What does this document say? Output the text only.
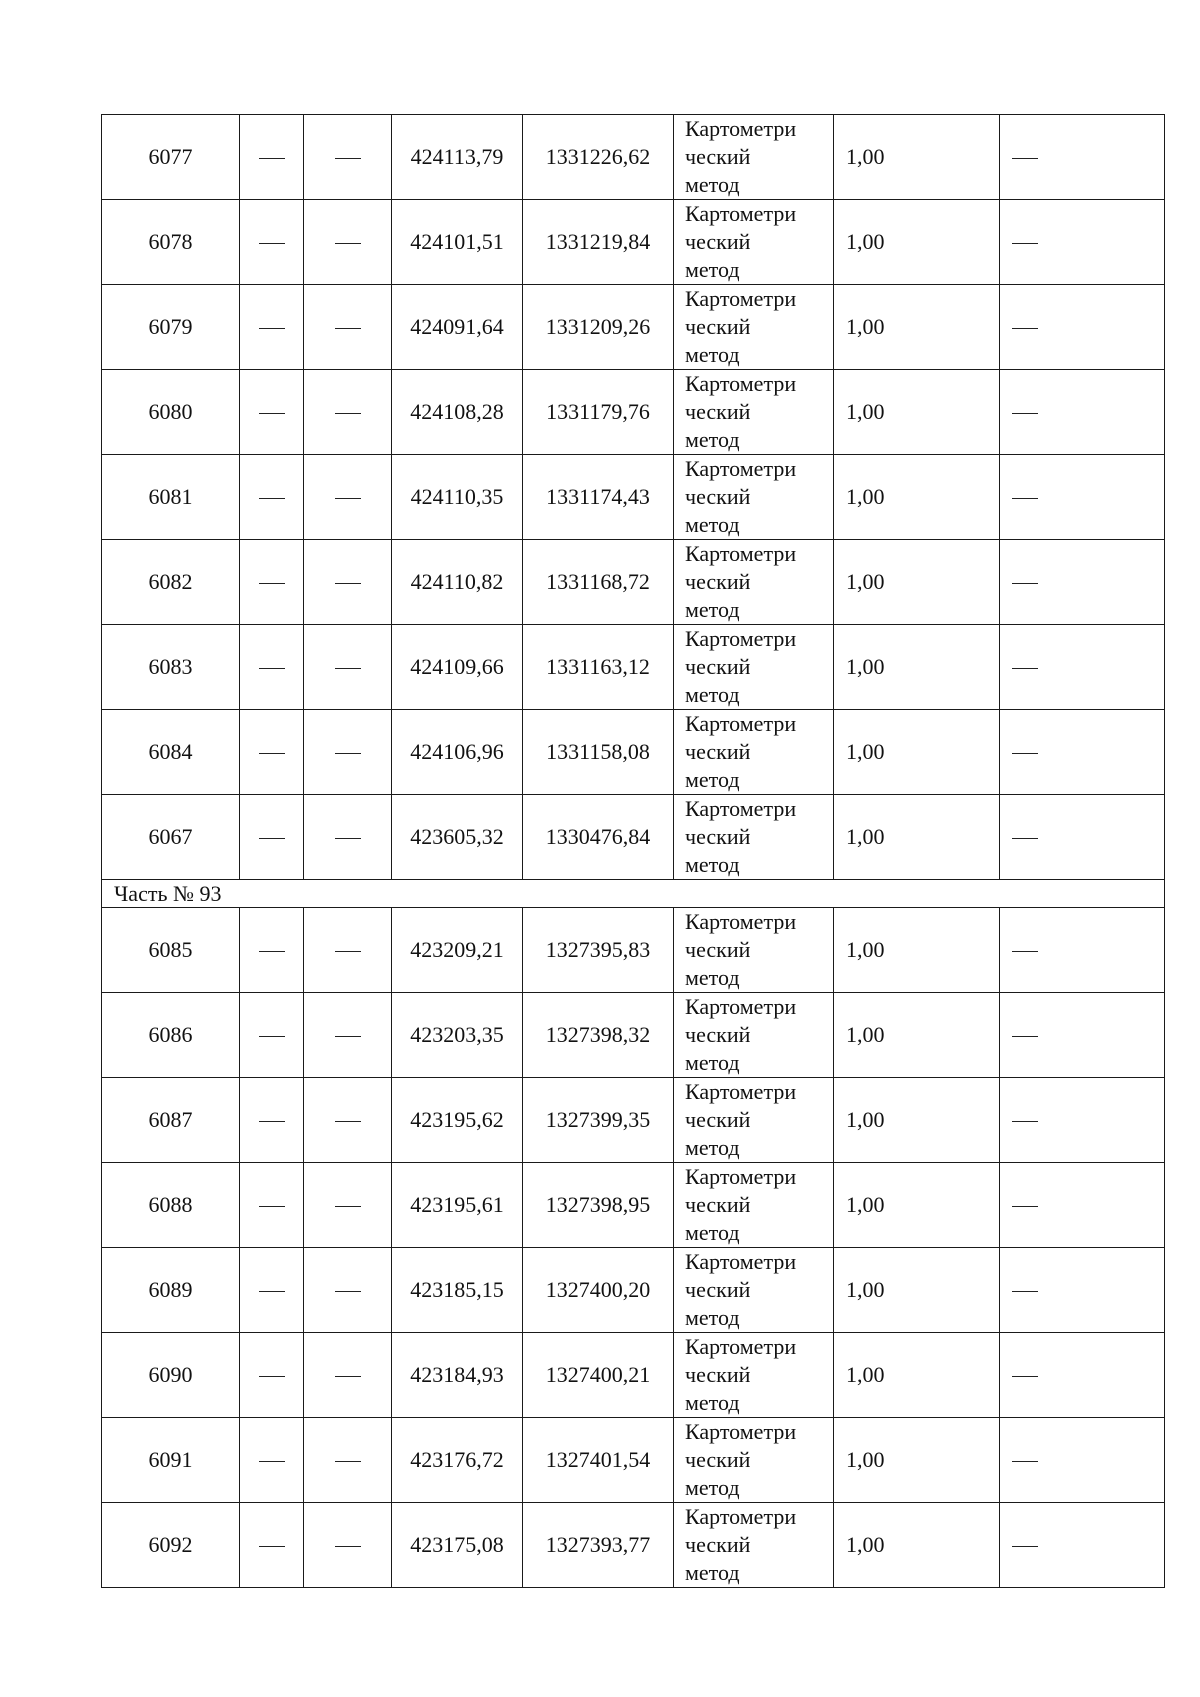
6077			424113,79	1331226,62	Картометри
ческий
метод	1,00	
6078			424101,51	1331219,84	Картометри
ческий
метод	1,00	
6079			424091,64	1331209,26	Картометри
ческий
метод	1,00	
6080			424108,28	1331179,76	Картометри
ческий
метод	1,00	
6081			424110,35	1331174,43	Картометри
ческий
метод	1,00	
6082			424110,82	1331168,72	Картометри
ческий
метод	1,00	
6083			424109,66	1331163,12	Картометри
ческий
метод	1,00	
6084			424106,96	1331158,08	Картометри
ческий
метод	1,00	
6067			423605,32	1330476,84	Картометри
ческий
метод	1,00	
Часть № 93							
6085			423209,21	1327395,83	Картометри
ческий
метод	1,00	
6086			423203,35	1327398,32	Картометри
ческий
метод	1,00	
6087			423195,62	1327399,35	Картометри
ческий
метод	1,00	
6088			423195,61	1327398,95	Картометри
ческий
метод	1,00	
6089			423185,15	1327400,20	Картометри
ческий
метод	1,00	
6090			423184,93	1327400,21	Картометри
ческий
метод	1,00	
6091			423176,72	1327401,54	Картометри
ческий
метод	1,00	
6092			423175,08	1327393,77	Картометри
ческий
метод	1,00	
